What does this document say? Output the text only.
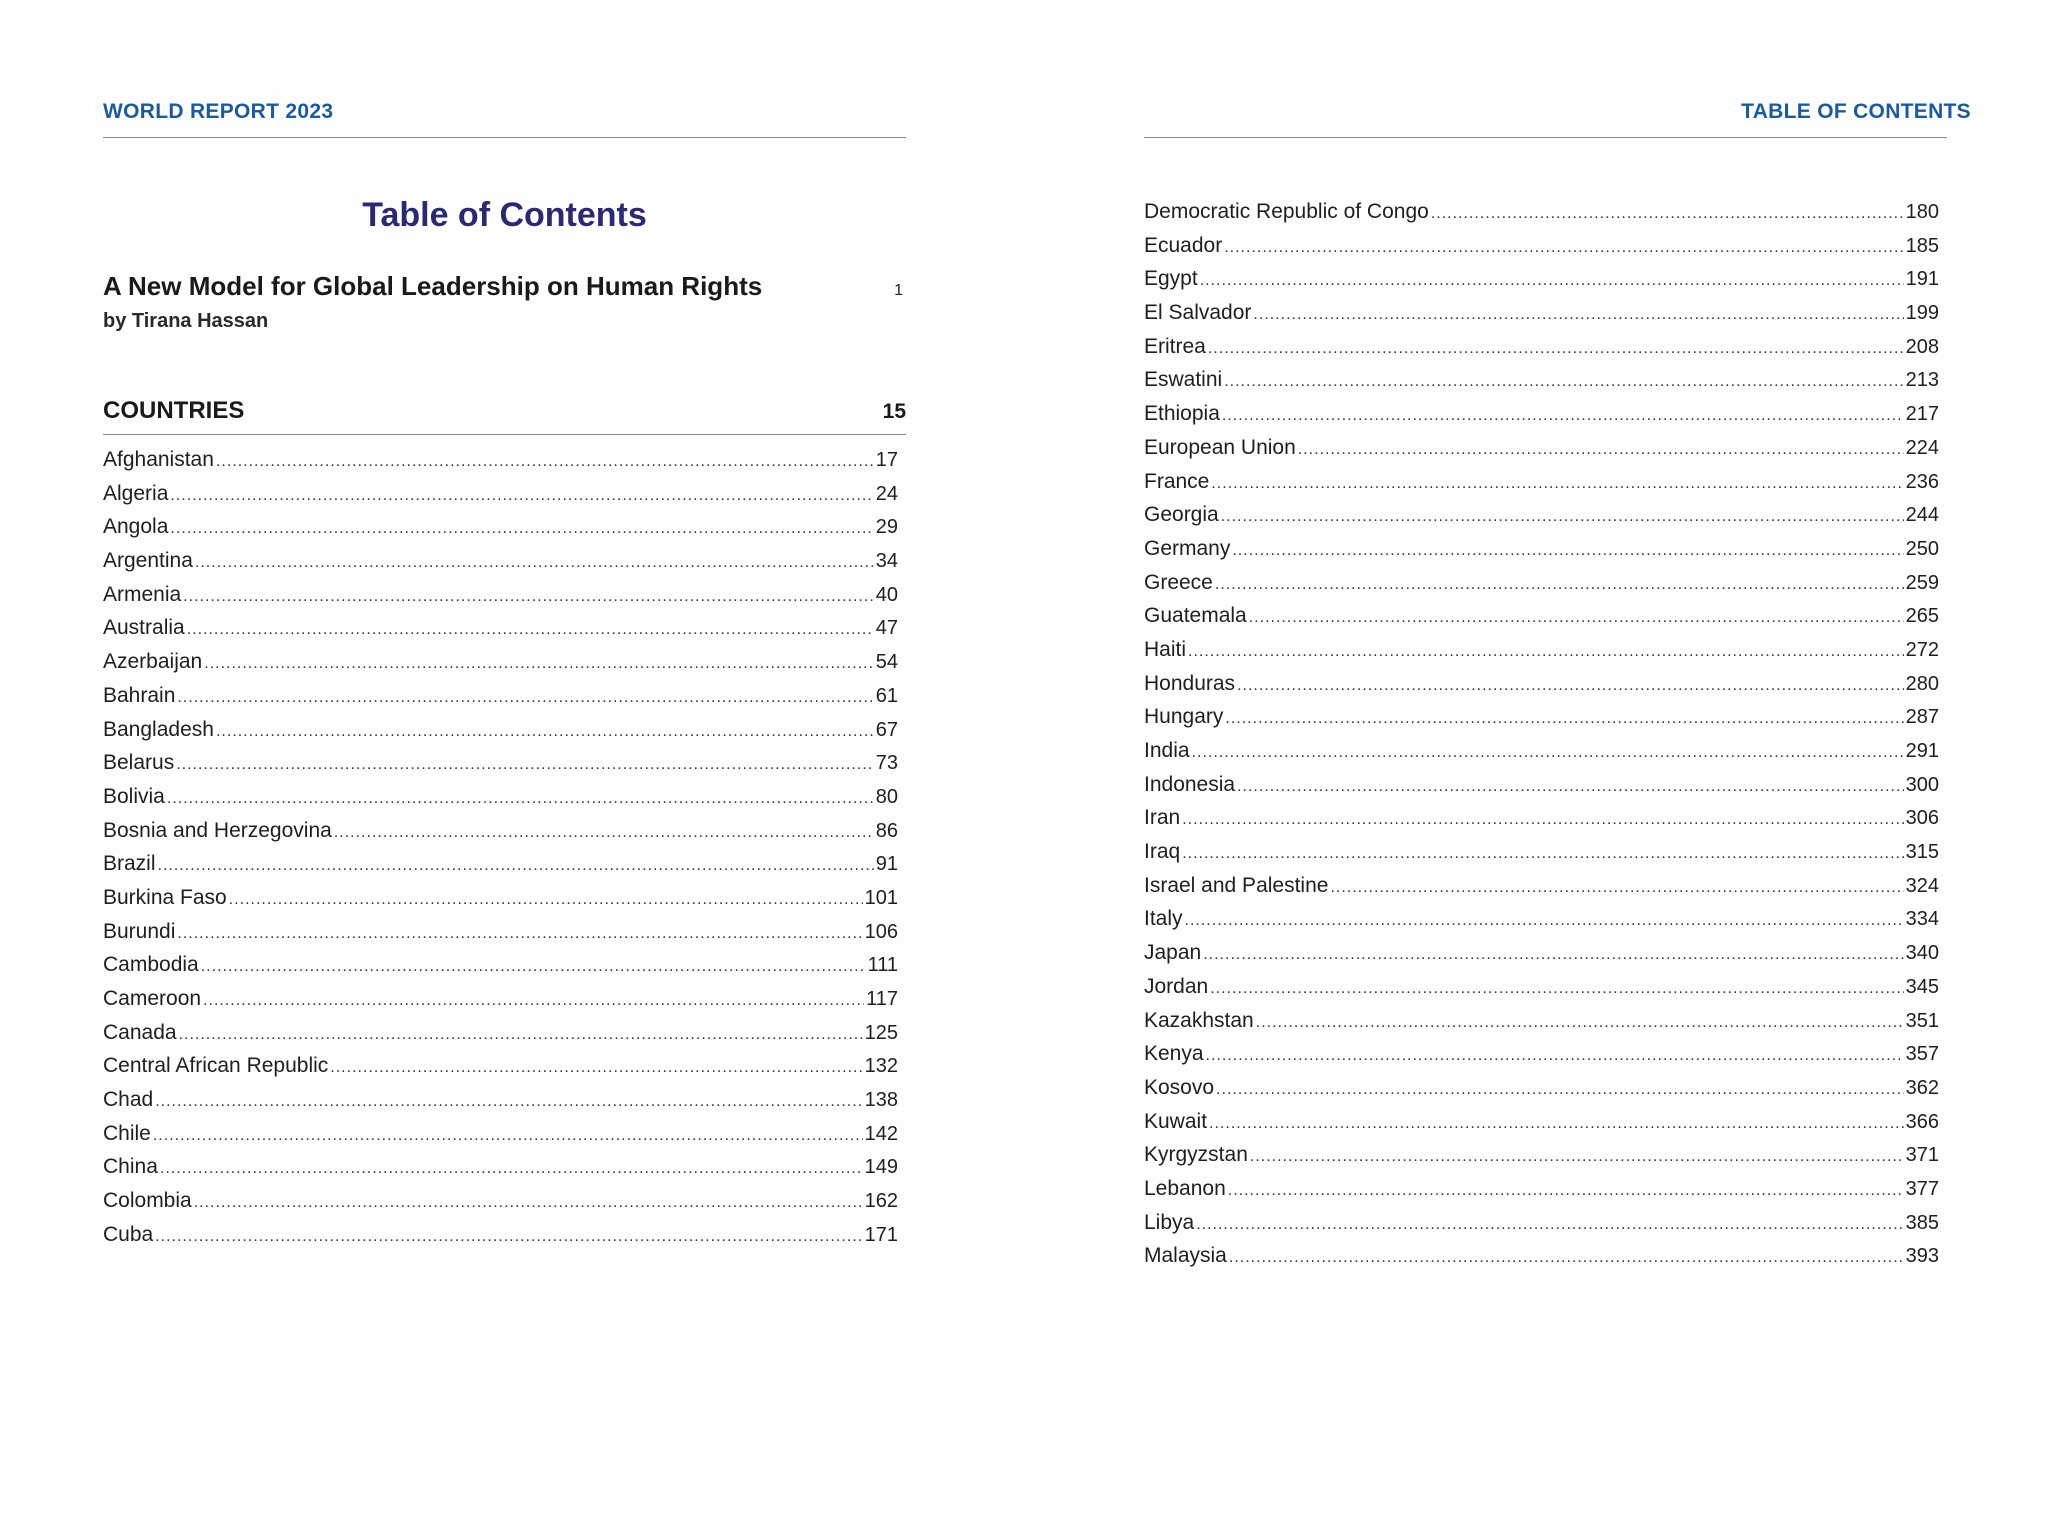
WORLD REPORT 2023
Table of Contents
A New Model for Global Leadership on Human Rights	1
by Tirana Hassan
COUNTRIES	15
Afghanistan .....	17
Algeria .....	24
Angola .....	29
Argentina .....	34
Armenia .....	40
Australia .....	47
Azerbaijan .....	54
Bahrain .....	61
Bangladesh .....	67
Belarus .....	73
Bolivia .....	80
Bosnia and Herzegovina .....	86
Brazil .....	91
Burkina Faso .....	101
Burundi .....	106
Cambodia .....	111
Cameroon .....	117
Canada .....	125
Central African Republic .....	132
Chad .....	138
Chile .....	142
China .....	149
Colombia .....	162
Cuba .....	171
TABLE OF CONTENTS
Democratic Republic of Congo .....	180
Ecuador .....	185
Egypt .....	191
El Salvador .....	199
Eritrea .....	208
Eswatini .....	213
Ethiopia .....	217
European Union .....	224
France .....	236
Georgia .....	244
Germany .....	250
Greece .....	259
Guatemala .....	265
Haiti .....	272
Honduras .....	280
Hungary .....	287
India .....	291
Indonesia .....	300
Iran .....	306
Iraq .....	315
Israel and Palestine .....	324
Italy .....	334
Japan .....	340
Jordan .....	345
Kazakhstan .....	351
Kenya .....	357
Kosovo .....	362
Kuwait .....	366
Kyrgyzstan .....	371
Lebanon .....	377
Libya .....	385
Malaysia .....	393
